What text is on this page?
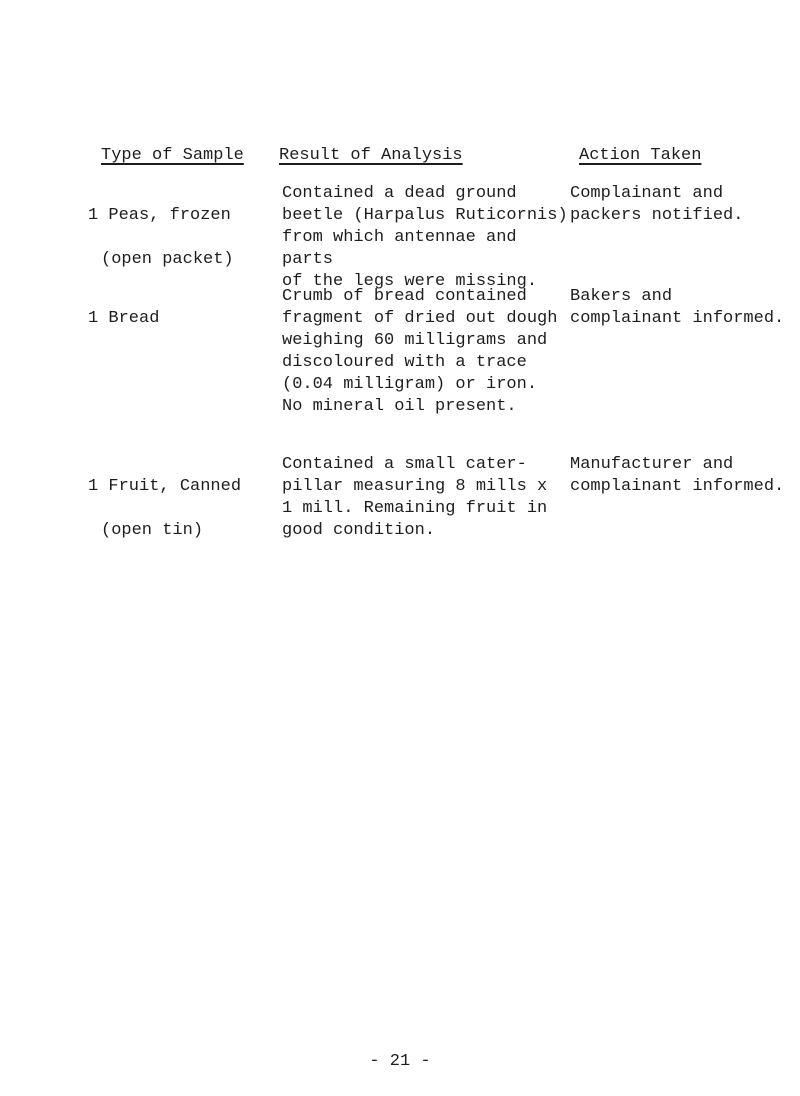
Type of Sample Result of Analysis	Action Taken

1 Peas, frozen

(open packet)

Contained a dead ground
beetle (Harpalus Ruticornis)
from which antennae and parts
of the legs were missing.
Complainant and
packers notified.

1 Bread

Crumb of bread contained
fragment of dried out dough
weighing 60 milligrams and
discoloured with a trace
(0.04 milligram) or iron.
No mineral oil present.
Bakers and
complainant informed.

1 Fruit, Canned

(open tin)

Contained a small cater-
pillar measuring 8 mills x
1 mill. Remaining fruit in
good condition.
Manufacturer and
complainant informed.
- 21 -
